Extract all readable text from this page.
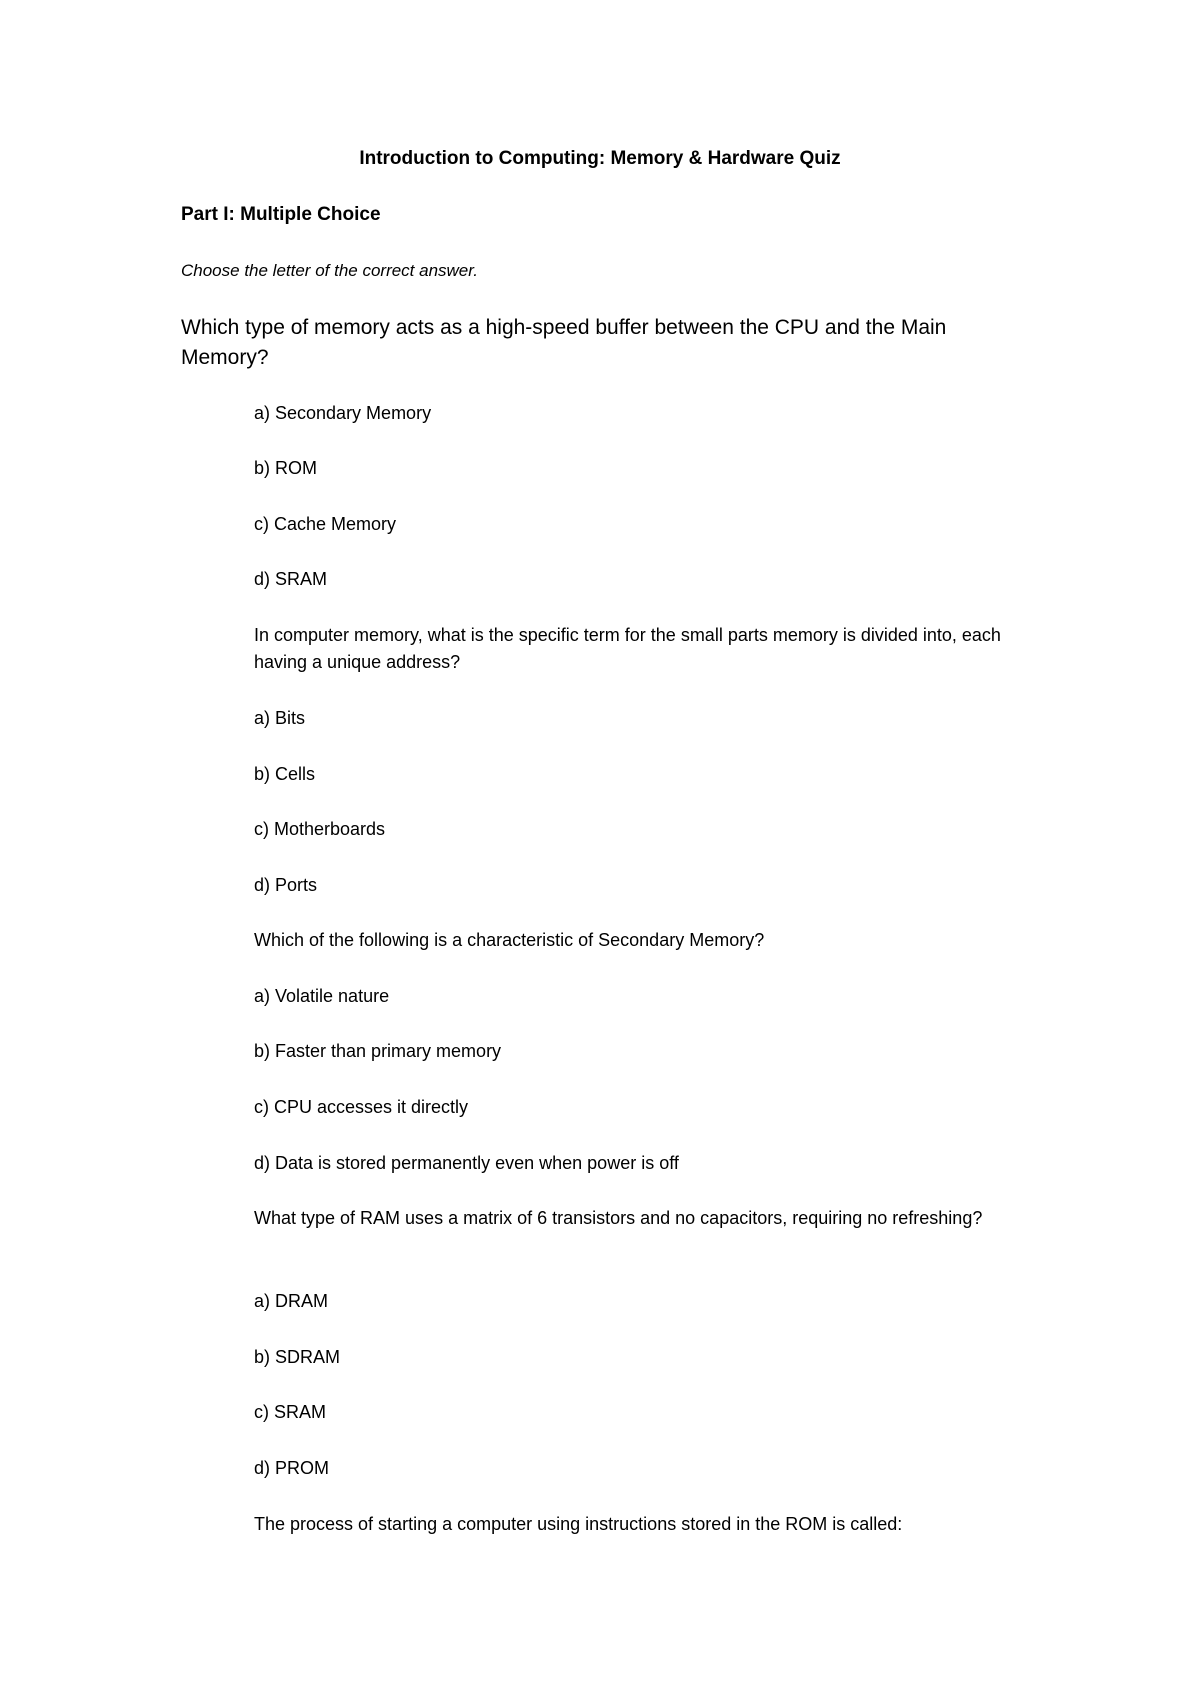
Introduction to Computing: Memory & Hardware Quiz
Part I: Multiple Choice
Choose the letter of the correct answer.
Which type of memory acts as a high-speed buffer between the CPU and the Main Memory?
a) Secondary Memory
b) ROM
c) Cache Memory
d) SRAM
In computer memory, what is the specific term for the small parts memory is divided into, each having a unique address?
a) Bits
b) Cells
c) Motherboards
d) Ports
Which of the following is a characteristic of Secondary Memory?
a) Volatile nature
b) Faster than primary memory
c) CPU accesses it directly
d) Data is stored permanently even when power is off
What type of RAM uses a matrix of 6 transistors and no capacitors, requiring no refreshing?
a) DRAM
b) SDRAM
c) SRAM
d) PROM
The process of starting a computer using instructions stored in the ROM is called:
